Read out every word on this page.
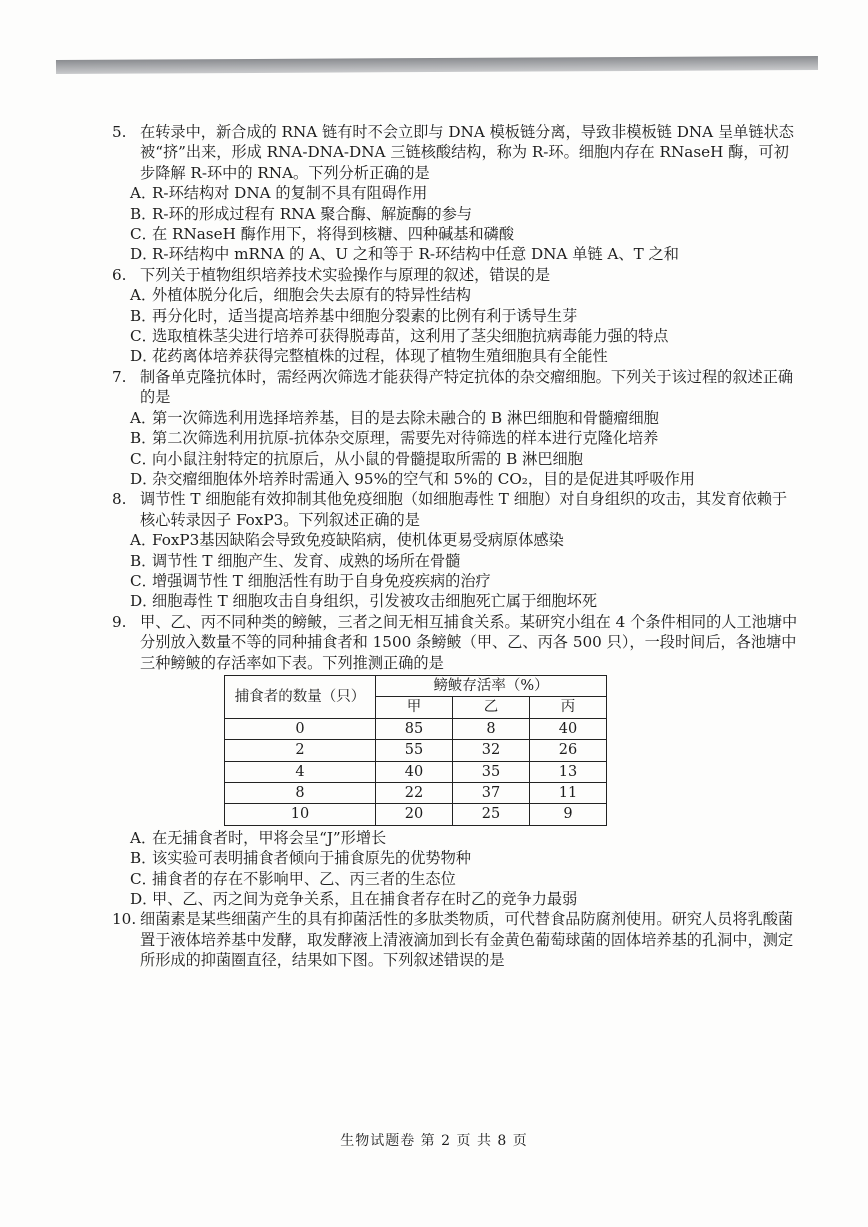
5. 在转录中，新合成的 RNA 链有时不会立即与 DNA 模板链分离，导致非模板链 DNA 呈单链状态被“挤”出来，形成 RNA-DNA-DNA 三链核酸结构，称为 R-环。细胞内存在 RNaseH 酶，可初步降解 R-环中的 RNA。下列分析正确的是

A．R-环结构对 DNA 的复制不具有阻碍作用

B．R-环的形成过程有 RNA 聚合酶、解旋酶的参与

C．在 RNaseH 酶作用下，将得到核糖、四种碱基和磷酸

D．R-环结构中 mRNA 的 A、U 之和等于 R-环结构中任意 DNA 单链 A、T 之和

6. 下列关于植物组织培养技术实验操作与原理的叙述，错误的是

A．外植体脱分化后，细胞会失去原有的特异性结构

B．再分化时，适当提高培养基中细胞分裂素的比例有利于诱导生芽

C．选取植株茎尖进行培养可获得脱毒苗，这利用了茎尖细胞抗病毒能力强的特点

D．花药离体培养获得完整植株的过程，体现了植物生殖细胞具有全能性

7. 制备单克隆抗体时，需经两次筛选才能获得产特定抗体的杂交瘤细胞。下列关于该过程的叙述正确的是

A．第一次筛选利用选择培养基，目的是去除未融合的 B 淋巴细胞和骨髓瘤细胞

B．第二次筛选利用抗原-抗体杂交原理，需要先对待筛选的样本进行克隆化培养

C．向小鼠注射特定的抗原后，从小鼠的骨髓提取所需的 B 淋巴细胞

D．杂交瘤细胞体外培养时需通入 95%的空气和 5%的 CO₂，目的是促进其呼吸作用

8. 调节性 T 细胞能有效抑制其他免疫细胞（如细胞毒性 T 细胞）对自身组织的攻击，其发育依赖于核心转录因子 FoxP3。下列叙述正确的是

A．FoxP3基因缺陷会导致免疫缺陷病，使机体更易受病原体感染

B．调节性 T 细胞产生、发育、成熟的场所在骨髓

C．增强调节性 T 细胞活性有助于自身免疫疾病的治疗

D．细胞毒性 T 细胞攻击自身组织，引发被攻击细胞死亡属于细胞坏死

9. 甲、乙、丙不同种类的鳑鲏，三者之间无相互捕食关系。某研究小组在 4 个条件相同的人工池塘中分别放入数量不等的同种捕食者和 1500 条鳑鲏（甲、乙、丙各 500 只），一段时间后，各池塘中三种鳑鲏的存活率如下表。下列推测正确的是

捕食者的数量（只）	鳑鲏存活率（%）		
	甲	乙	丙
0	85	8	40
2	55	32	26
4	40	35	13
8	22	37	11
10	20	25	9

A．在无捕食者时，甲将会呈“J”形增长

B．该实验可表明捕食者倾向于捕食原先的优势物种

C．捕食者的存在不影响甲、乙、丙三者的生态位

D．甲、乙、丙之间为竞争关系，且在捕食者存在时乙的竞争力最弱

10. 细菌素是某些细菌产生的具有抑菌活性的多肽类物质，可代替食品防腐剂使用。研究人员将乳酸菌置于液体培养基中发酵，取发酵液上清液滴加到长有金黄色葡萄球菌的固体培养基的孔洞中，测定所形成的抑菌圈直径，结果如下图。下列叙述错误的是

生物试题卷 第 2 页 共 8 页
